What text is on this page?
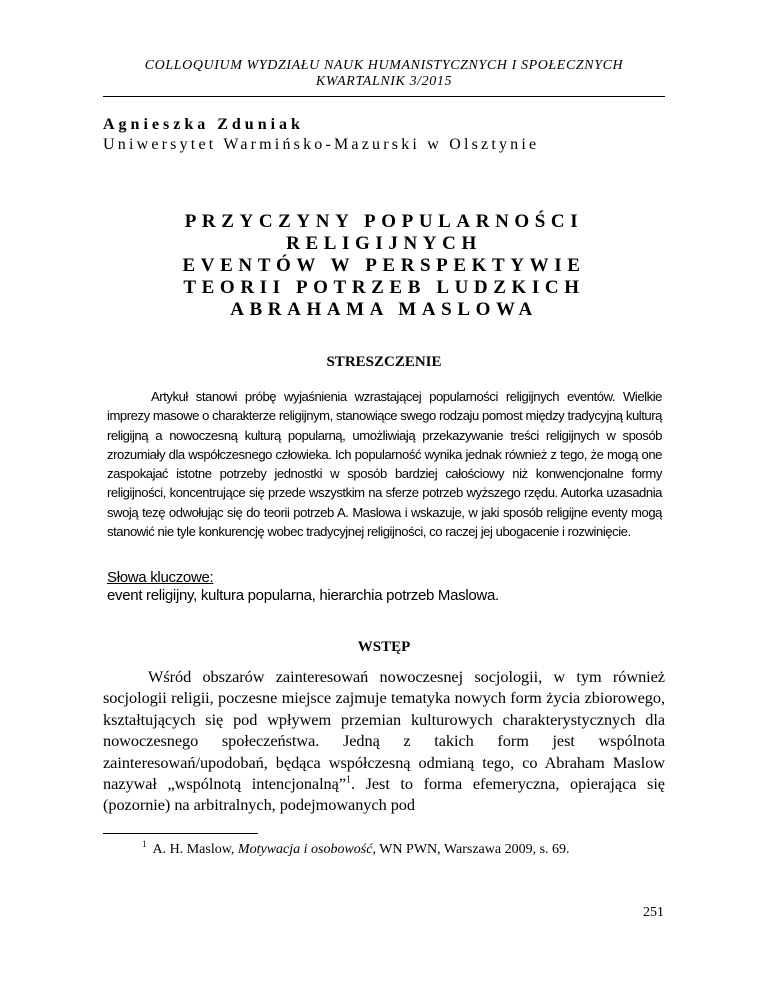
COLLOQUIUM WYDZIAŁU NAUK HUMANISTYCZNYCH I SPOŁECZNYCH
KWARTALNIK 3/2015
Agnieszka Zduniak
Uniwersytet Warmińsko-Mazurski w Olsztynie
PRZYCZYNY POPULARNOŚCI RELIGIJNYCH
EVENTÓW W PERSPEKTYWIE
TEORII POTRZEB LUDZKICH
ABRAHAMA MASLOWA
STRESZCZENIE

Artykuł stanowi próbę wyjaśnienia wzrastającej popularności religijnych eventów. Wielkie imprezy masowe o charakterze religijnym, stanowiące swego rodzaju pomost między tradycyjną kulturą religijną a nowoczesną kulturą popularną, umożliwiają przekazywanie treści religijnych w sposób zrozumiały dla współczesnego człowieka. Ich popularność wynika jednak również z tego, że mogą one zaspokajać istotne potrzeby jednostki w sposób bardziej całościowy niż konwencjonalne formy religijności, koncentrujące się przede wszystkim na sferze potrzeb wyższego rzędu. Autorka uzasadnia swoją tezę odwołując się do teorii potrzeb A. Maslowa i wskazuje, w jaki sposób religijne eventy mogą stanowić nie tyle konkurencję wobec tradycyjnej religijności, co raczej jej ubogacenie i rozwinięcie.

Słowa kluczowe:
event religijny, kultura popularna, hierarchia potrzeb Maslowa.
WSTĘP

Wśród obszarów zainteresowań nowoczesnej socjologii, w tym również socjologii religii, poczesne miejsce zajmuje tematyka nowych form życia zbiorowego, kształtujących się pod wpływem przemian kulturowych charakterystycznych dla nowoczesnego społeczeństwa. Jedną z takich form jest wspólnota zainteresowań/upodobań, będąca współczesną odmianą tego, co Abraham Maslow nazywał „wspólnotą intencjonalną”$^1$. Jest to forma efemeryczna, opierająca się (pozornie) na arbitralnych, podejmowanych pod

$^1$ A. H. Maslow, Motywacja i osobowość, WN PWN, Warszawa 2009, s. 69.
251
